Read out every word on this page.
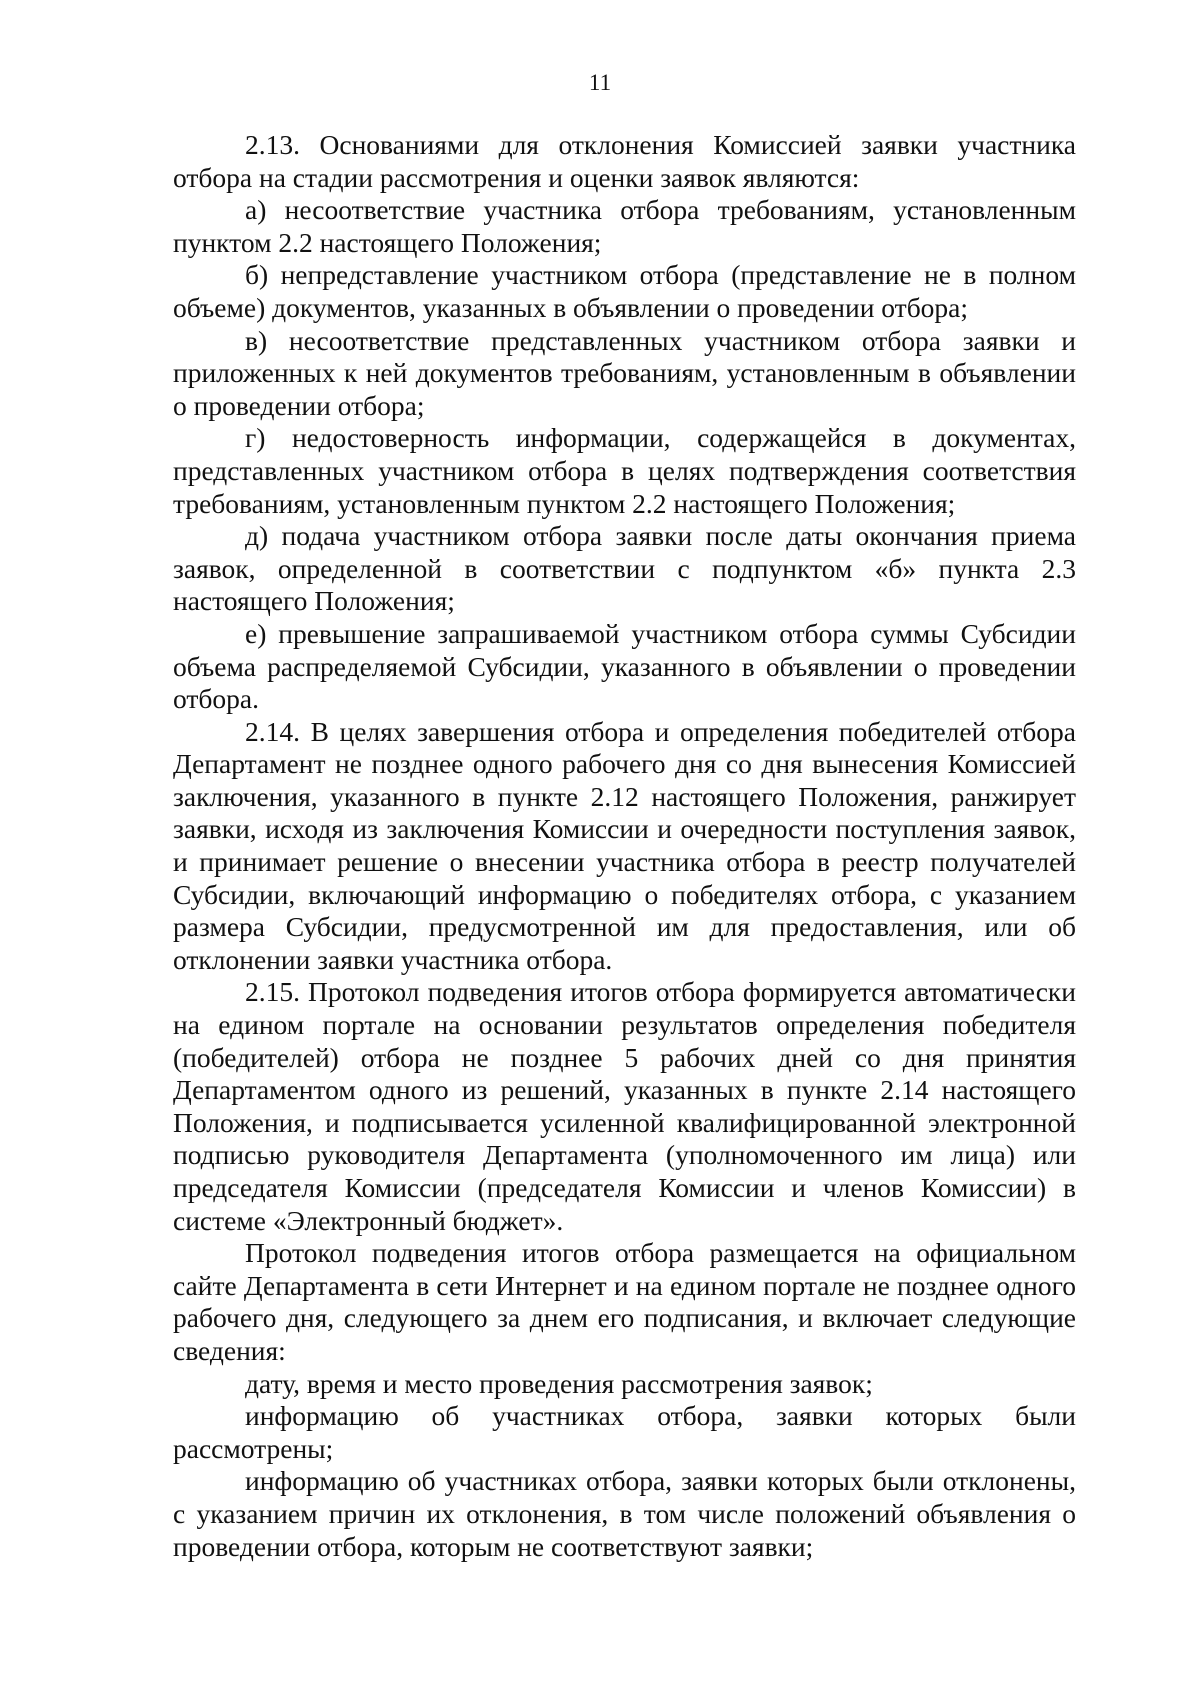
11

2.13. Основаниями для отклонения Комиссией заявки участника отбора на стадии рассмотрения и оценки заявок являются:

а) несоответствие участника отбора требованиям, установленным пунктом 2.2 настоящего Положения;

б) непредставление участником отбора (представление не в полном объеме) документов, указанных в объявлении о проведении отбора;

в) несоответствие представленных участником отбора заявки и приложенных к ней документов требованиям, установленным в объявлении о проведении отбора;

г) недостоверность информации, содержащейся в документах, представленных участником отбора в целях подтверждения соответствия требованиям, установленным пунктом 2.2 настоящего Положения;

д) подача участником отбора заявки после даты окончания приема заявок, определенной в соответствии с подпунктом «б» пункта 2.3 настоящего Положения;

е) превышение запрашиваемой участником отбора суммы Субсидии объема распределяемой Субсидии, указанного в объявлении о проведении отбора.

2.14. В целях завершения отбора и определения победителей отбора Департамент не позднее одного рабочего дня со дня вынесения Комиссией заключения, указанного в пункте 2.12 настоящего Положения, ранжирует заявки, исходя из заключения Комиссии и очередности поступления заявок, и принимает решение о внесении участника отбора в реестр получателей Субсидии, включающий информацию о победителях отбора, с указанием размера Субсидии, предусмотренной им для предоставления, или об отклонении заявки участника отбора.

2.15. Протокол подведения итогов отбора формируется автоматически на едином портале на основании результатов определения победителя (победителей) отбора не позднее 5 рабочих дней со дня принятия Департаментом одного из решений, указанных в пункте 2.14 настоящего Положения, и подписывается усиленной квалифицированной электронной подписью руководителя Департамента (уполномоченного им лица) или председателя Комиссии (председателя Комиссии и членов Комиссии) в системе «Электронный бюджет».

Протокол подведения итогов отбора размещается на официальном сайте Департамента в сети Интернет и на едином портале не позднее одного рабочего дня, следующего за днем его подписания, и включает следующие сведения:

дату, время и место проведения рассмотрения заявок;

информацию об участниках отбора, заявки которых были рассмотрены;

информацию об участниках отбора, заявки которых были отклонены, с указанием причин их отклонения, в том числе положений объявления о проведении отбора, которым не соответствуют заявки;
